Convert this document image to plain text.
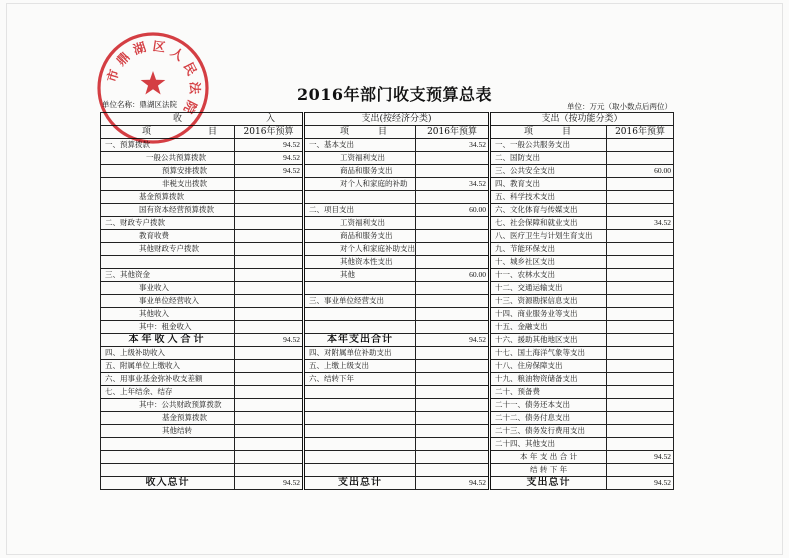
2016年部门收支预算总表
单位名称：鼎湖区法院	单位：万元（取小数点后两位）
收入		支出(按经济分类)		支出（按功能分类）	
项目	2016年预算	项目	2016年预算	项目	2016年预算
一、预算拨款	94.52	一、基本支出	34.52	一、一般公共服务支出	
一般公共预算拨款	94.52	工资福利支出		二、国防支出	
预算安排拨款	94.52	商品和服务支出		三、公共安全支出	60.00
非税支出拨款		对个人和家庭的补助	34.52	四、教育支出	
基金预算拨款				五、科学技术支出	
国有资本经营预算拨款		二、项目支出	60.00	六、文化体育与传媒支出	
二、财政专户拨款		工资福利支出		七、社会保障和就业支出	34.52
教育收费		商品和服务支出		八、医疗卫生与计划生育支出	
其他财政专户拨款		对个人和家庭补助支出		九、节能环保支出	
		其他资本性支出		十、城乡社区支出	
三、其他资金		其他	60.00	十一、农林水支出	
事业收入				十二、交通运输支出	
事业单位经营收入		三、事业单位经营支出		十三、资源勘探信息支出	
其他收入				十四、商业服务业等支出	
其中：租金收入				十五、金融支出	
本年收入合计	94.52	本年支出合计	94.52	十六、援助其他地区支出	
四、上级补助收入		四、对附属单位补助支出		十七、国土海洋气象等支出	
五、附属单位上缴收入		五、上缴上级支出		十八、住房保障支出	
六、用事业基金弥补收支差额		六、结转下年		十九、粮油物资储备支出	
七、上年结余、结存				二十、预备费	
其中：公共财政预算拨款				二十一、债务还本支出	
基金预算拨款				二十二、债务付息支出	
其他结转				二十三、债务发行费用支出	
				二十四、其他支出	
				本 年 支 出 合 计	94.52
				结 转 下 年	
收入总计	94.52	支出总计	94.52	支出总计	94.52
市
鼎
湖 区 人
民
法
院
